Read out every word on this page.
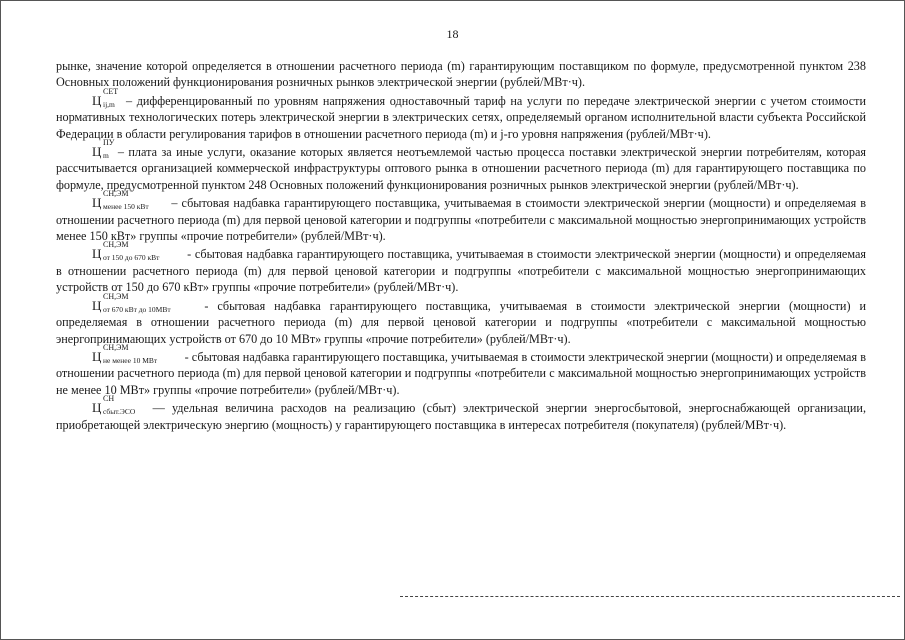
18

рынке, значение которой определяется в отношении расчетного периода (m) гарантирующим поставщиком по формуле, предусмотренной пунктом 238 Основных положений функционирования розничных рынков электрической энергии (рублей/МВт·ч).

Ц
СЕТ
ij,m – дифференцированный по уровням напряжения одноставочный тариф на услуги по передаче электрической энергии с учетом стоимости нормативных технологических потерь электрической энергии в электрических сетях, определяемый органом исполнительной власти субъекта Российской Федерации в области регулирования тарифов в отношении расчетного периода (m) и j-го уровня напряжения (рублей/МВт·ч).

Ц
ПУ
m – плата за иные услуги, оказание которых является неотъемлемой частью процесса поставки электрической энергии потребителям, которая рассчитывается организацией коммерческой инфраструктуры оптового рынка в отношении расчетного периода (m) для гарантирующего поставщика по формуле, предусмотренной пунктом 248 Основных положений функционирования розничных рынков электрической энергии (рублей/МВт·ч).

Ц
СН,ЭМ
менее 150 кВт – сбытовая надбавка гарантирующего поставщика, учитываемая в стоимости электрической энергии (мощности) и определяемая в отношении расчетного периода (m) для первой ценовой категории и подгруппы «потребители с максимальной мощностью энергопринимающих устройств менее 150 кВт» группы «прочие потребители» (рублей/МВт·ч).

Ц
СН,ЭМ
от 150 до 670 кВт - сбытовая надбавка гарантирующего поставщика, учитываемая в стоимости электрической энергии (мощности) и определяемая в отношении расчетного периода (m) для первой ценовой категории и подгруппы «потребители с максимальной мощностью энергопринимающих устройств от 150 до 670 кВт» группы «прочие потребители» (рублей/МВт·ч).

Ц
СН,ЭМ
от 670 кВт до 10МВт - сбытовая надбавка гарантирующего поставщика, учитываемая в стоимости электрической энергии (мощности) и определяемая в отношении расчетного периода (m) для первой ценовой категории и подгруппы «потребители с максимальной мощностью энергопринимающих устройств от 670 до 10 МВт» группы «прочие потребители» (рублей/МВт·ч).

Ц
СН,ЭМ
не менее 10 МВт - сбытовая надбавка гарантирующего поставщика, учитываемая в стоимости электрической энергии (мощности) и определяемая в отношении расчетного периода (m) для первой ценовой категории и подгруппы «потребители с максимальной мощностью энергопринимающих устройств не менее 10 МВт» группы «прочие потребители» (рублей/МВт·ч).

Ц
СН
сбыт.ЭСО — удельная величина расходов на реализацию (сбыт) электрической энергии энергосбытовой, энергоснабжающей организации, приобретающей электрическую энергию (мощность) у гарантирующего поставщика в интересах потребителя (покупателя) (рублей/МВт·ч).
